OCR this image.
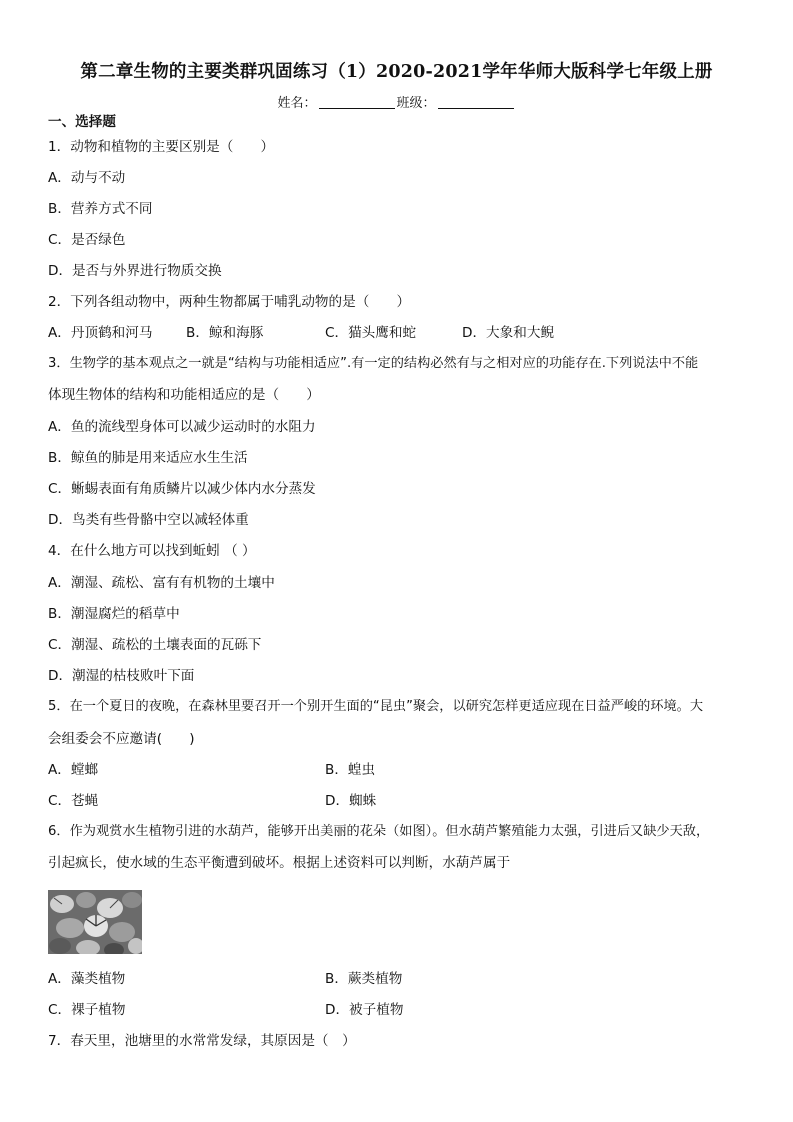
第二章生物的主要类群巩固练习（1）2020-2021学年华师大版科学七年级上册
姓名：	班级：
一、选择题
1．动物和植物的主要区别是（　　）
A．动与不动
B．营养方式不同
C．是否绿色
D．是否与外界进行物质交换
2．下列各组动物中，两种生物都属于哺乳动物的是（　　）
A．丹顶鹤和河马 B．鲸和海豚	C．猫头鹰和蛇	D．大象和大鲵
3．生物学的基本观点之一就是“结构与功能相适应”.有一定的结构必然有与之相对应的功能存在.下列说法中不能
体现生物体的结构和功能相适应的是（　　）
A．鱼的流线型身体可以减少运动时的水阻力
B．鲸鱼的肺是用来适应水生生活
C．蜥蜴表面有角质鳞片以减少体内水分蒸发
D．鸟类有些骨骼中空以减轻体重
4．在什么地方可以找到蚯蚓 （ ）
A．潮湿、疏松、富有有机物的土壤中
B．潮湿腐烂的稻草中
C．潮湿、疏松的土壤表面的瓦砾下
D．潮湿的枯枝败叶下面
5．在一个夏日的夜晚，在森林里要召开一个别开生面的“昆虫”聚会，以研究怎样更适应现在日益严峻的环境。大
会组委会不应邀请(　　)
A．螳螂	B．蝗虫
C．苍蝇	D．蜘蛛
6．作为观赏水生植物引进的水葫芦，能够开出美丽的花朵（如图）。但水葫芦繁殖能力太强，引进后又缺少天敌，
引起疯长，使水域的生态平衡遭到破坏。根据上述资料可以判断，水葫芦属于
A．藻类植物	B．蕨类植物
C．裸子植物	D．被子植物
7．春天里，池塘里的水常常发绿，其原因是（　）
